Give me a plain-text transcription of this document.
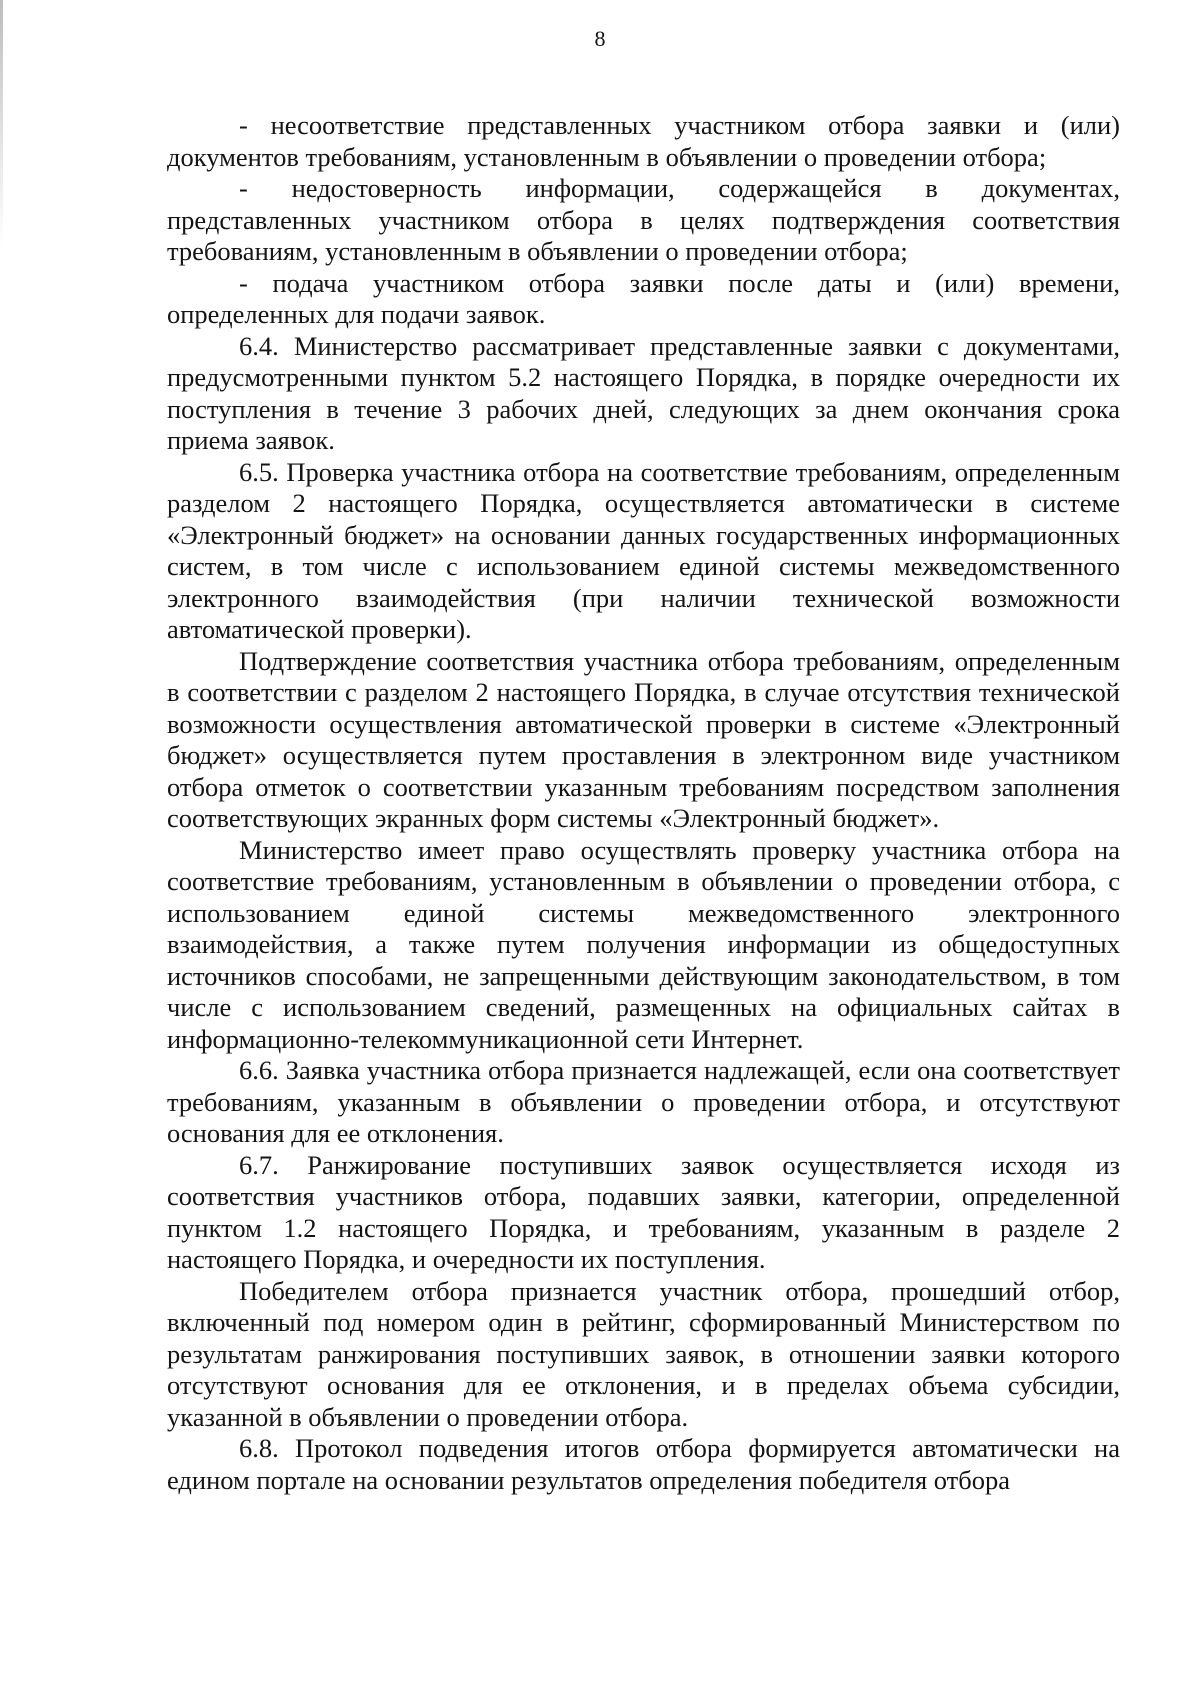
8

- несоответствие представленных участником отбора заявки и (или) документов требованиям, установленным в объявлении о проведении отбора;

- недостоверность информации, содержащейся в документах, представленных участником отбора в целях подтверждения соответствия требованиям, установленным в объявлении о проведении отбора;

- подача участником отбора заявки после даты и (или) времени, определенных для подачи заявок.

6.4. Министерство рассматривает представленные заявки с документами, предусмотренными пунктом 5.2 настоящего Порядка, в порядке очередности их поступления в течение 3 рабочих дней, следующих за днем окончания срока приема заявок.

6.5. Проверка участника отбора на соответствие требованиям, определенным разделом 2 настоящего Порядка, осуществляется автоматически в системе «Электронный бюджет» на основании данных государственных информационных систем, в том числе с использованием единой системы межведомственного электронного взаимодействия (при наличии технической возможности автоматической проверки).

Подтверждение соответствия участника отбора требованиям, определенным в соответствии с разделом 2 настоящего Порядка, в случае отсутствия технической возможности осуществления автоматической проверки в системе «Электронный бюджет» осуществляется путем проставления в электронном виде участником отбора отметок о соответствии указанным требованиям посредством заполнения соответствующих экранных форм системы «Электронный бюджет».

Министерство имеет право осуществлять проверку участника отбора на соответствие требованиям, установленным в объявлении о проведении отбора, с использованием единой системы межведомственного электронного взаимодействия, а также путем получения информации из общедоступных источников способами, не запрещенными действующим законодательством, в том числе с использованием сведений, размещенных на официальных сайтах в информационно-телекоммуникационной сети Интернет.

6.6. Заявка участника отбора признается надлежащей, если она соответствует требованиям, указанным в объявлении о проведении отбора, и отсутствуют основания для ее отклонения.

6.7. Ранжирование поступивших заявок осуществляется исходя из соответствия участников отбора, подавших заявки, категории, определенной пунктом 1.2 настоящего Порядка, и требованиям, указанным в разделе 2 настоящего Порядка, и очередности их поступления.

Победителем отбора признается участник отбора, прошедший отбор, включенный под номером один в рейтинг, сформированный Министерством по результатам ранжирования поступивших заявок, в отношении заявки которого отсутствуют основания для ее отклонения, и в пределах объема субсидии, указанной в объявлении о проведении отбора.

6.8. Протокол подведения итогов отбора формируется автоматически на едином портале на основании результатов определения победителя отбора
